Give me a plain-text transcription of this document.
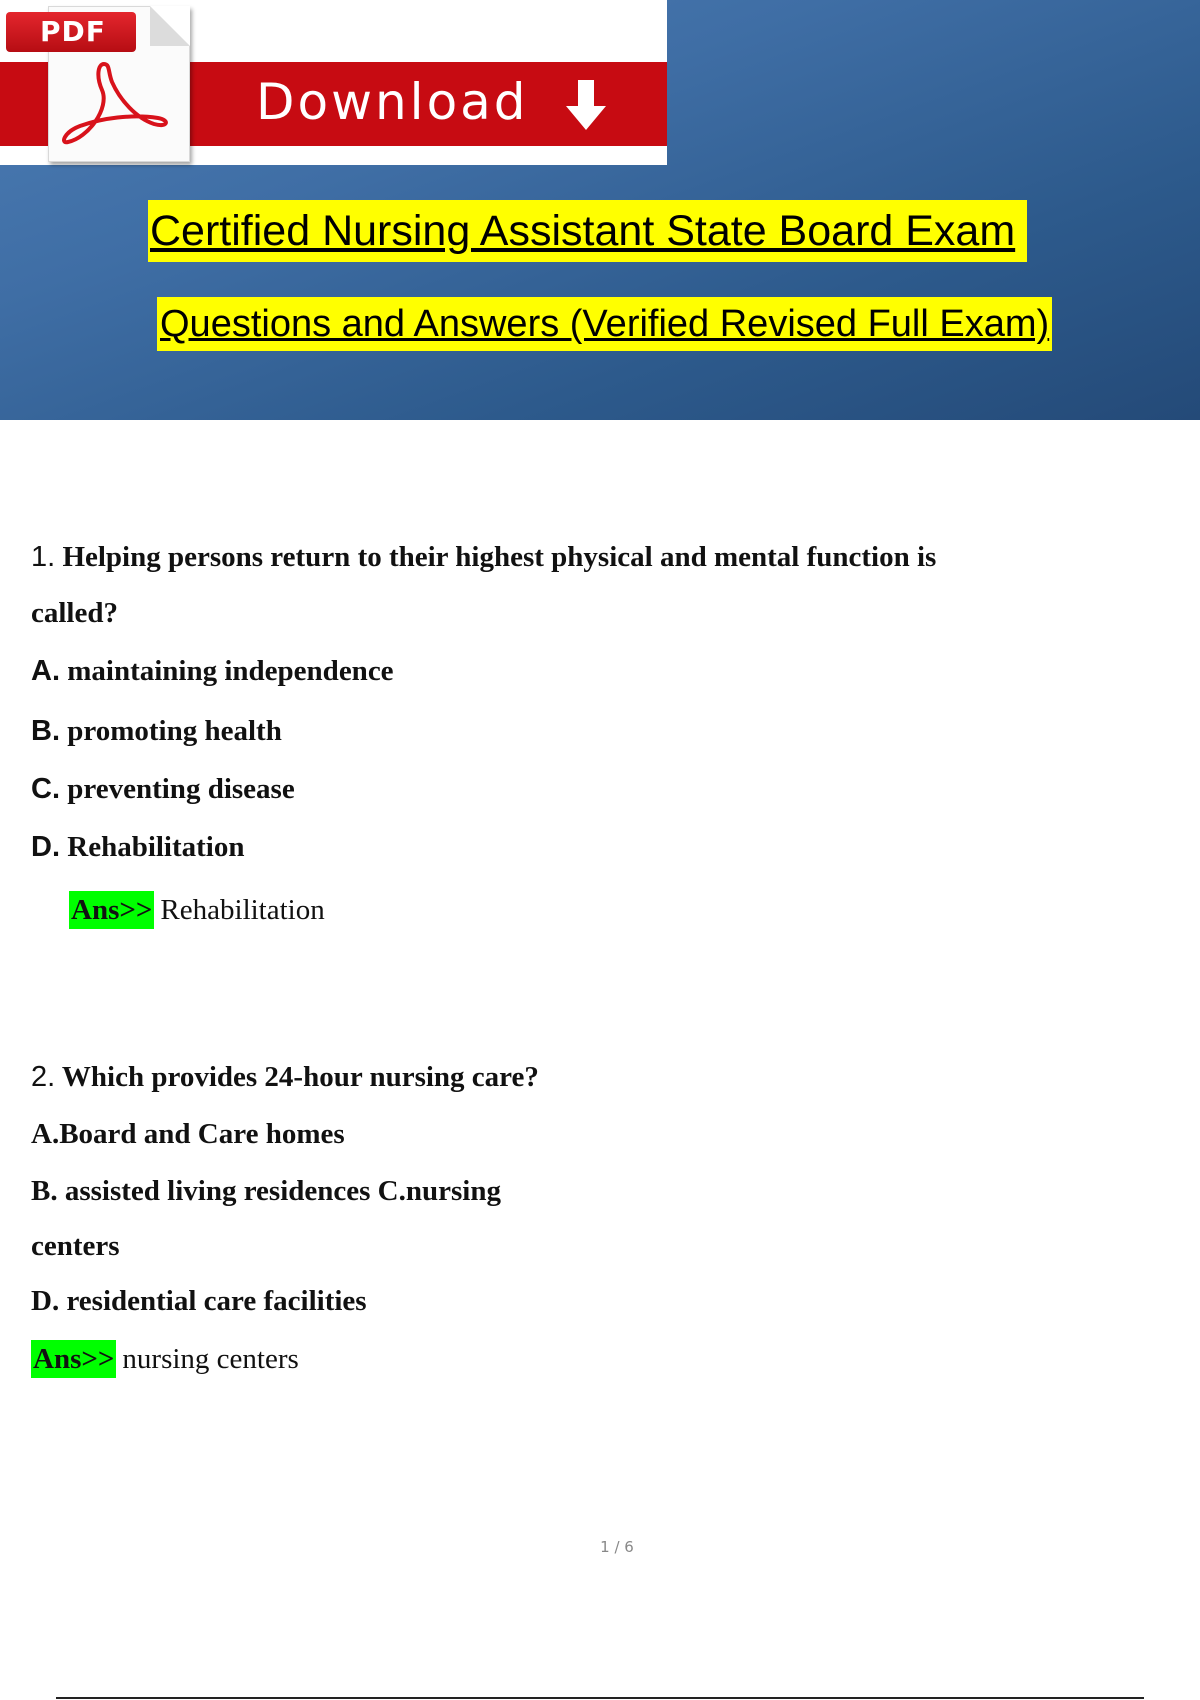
Download
PDF
Certified Nursing Assistant State Board Exam
Questions and Answers (Verified Revised Full Exam)
1. Helping persons return to their highest physical and mental function is
called?
A. maintaining independence
B. promoting health
C. preventing disease
D. Rehabilitation
Ans>> Rehabilitation
2. Which provides 24-hour nursing care?
A.Board and Care homes
B. assisted living residences C.nursing
centers
D. residential care facilities
Ans>> nursing centers
1 / 6
